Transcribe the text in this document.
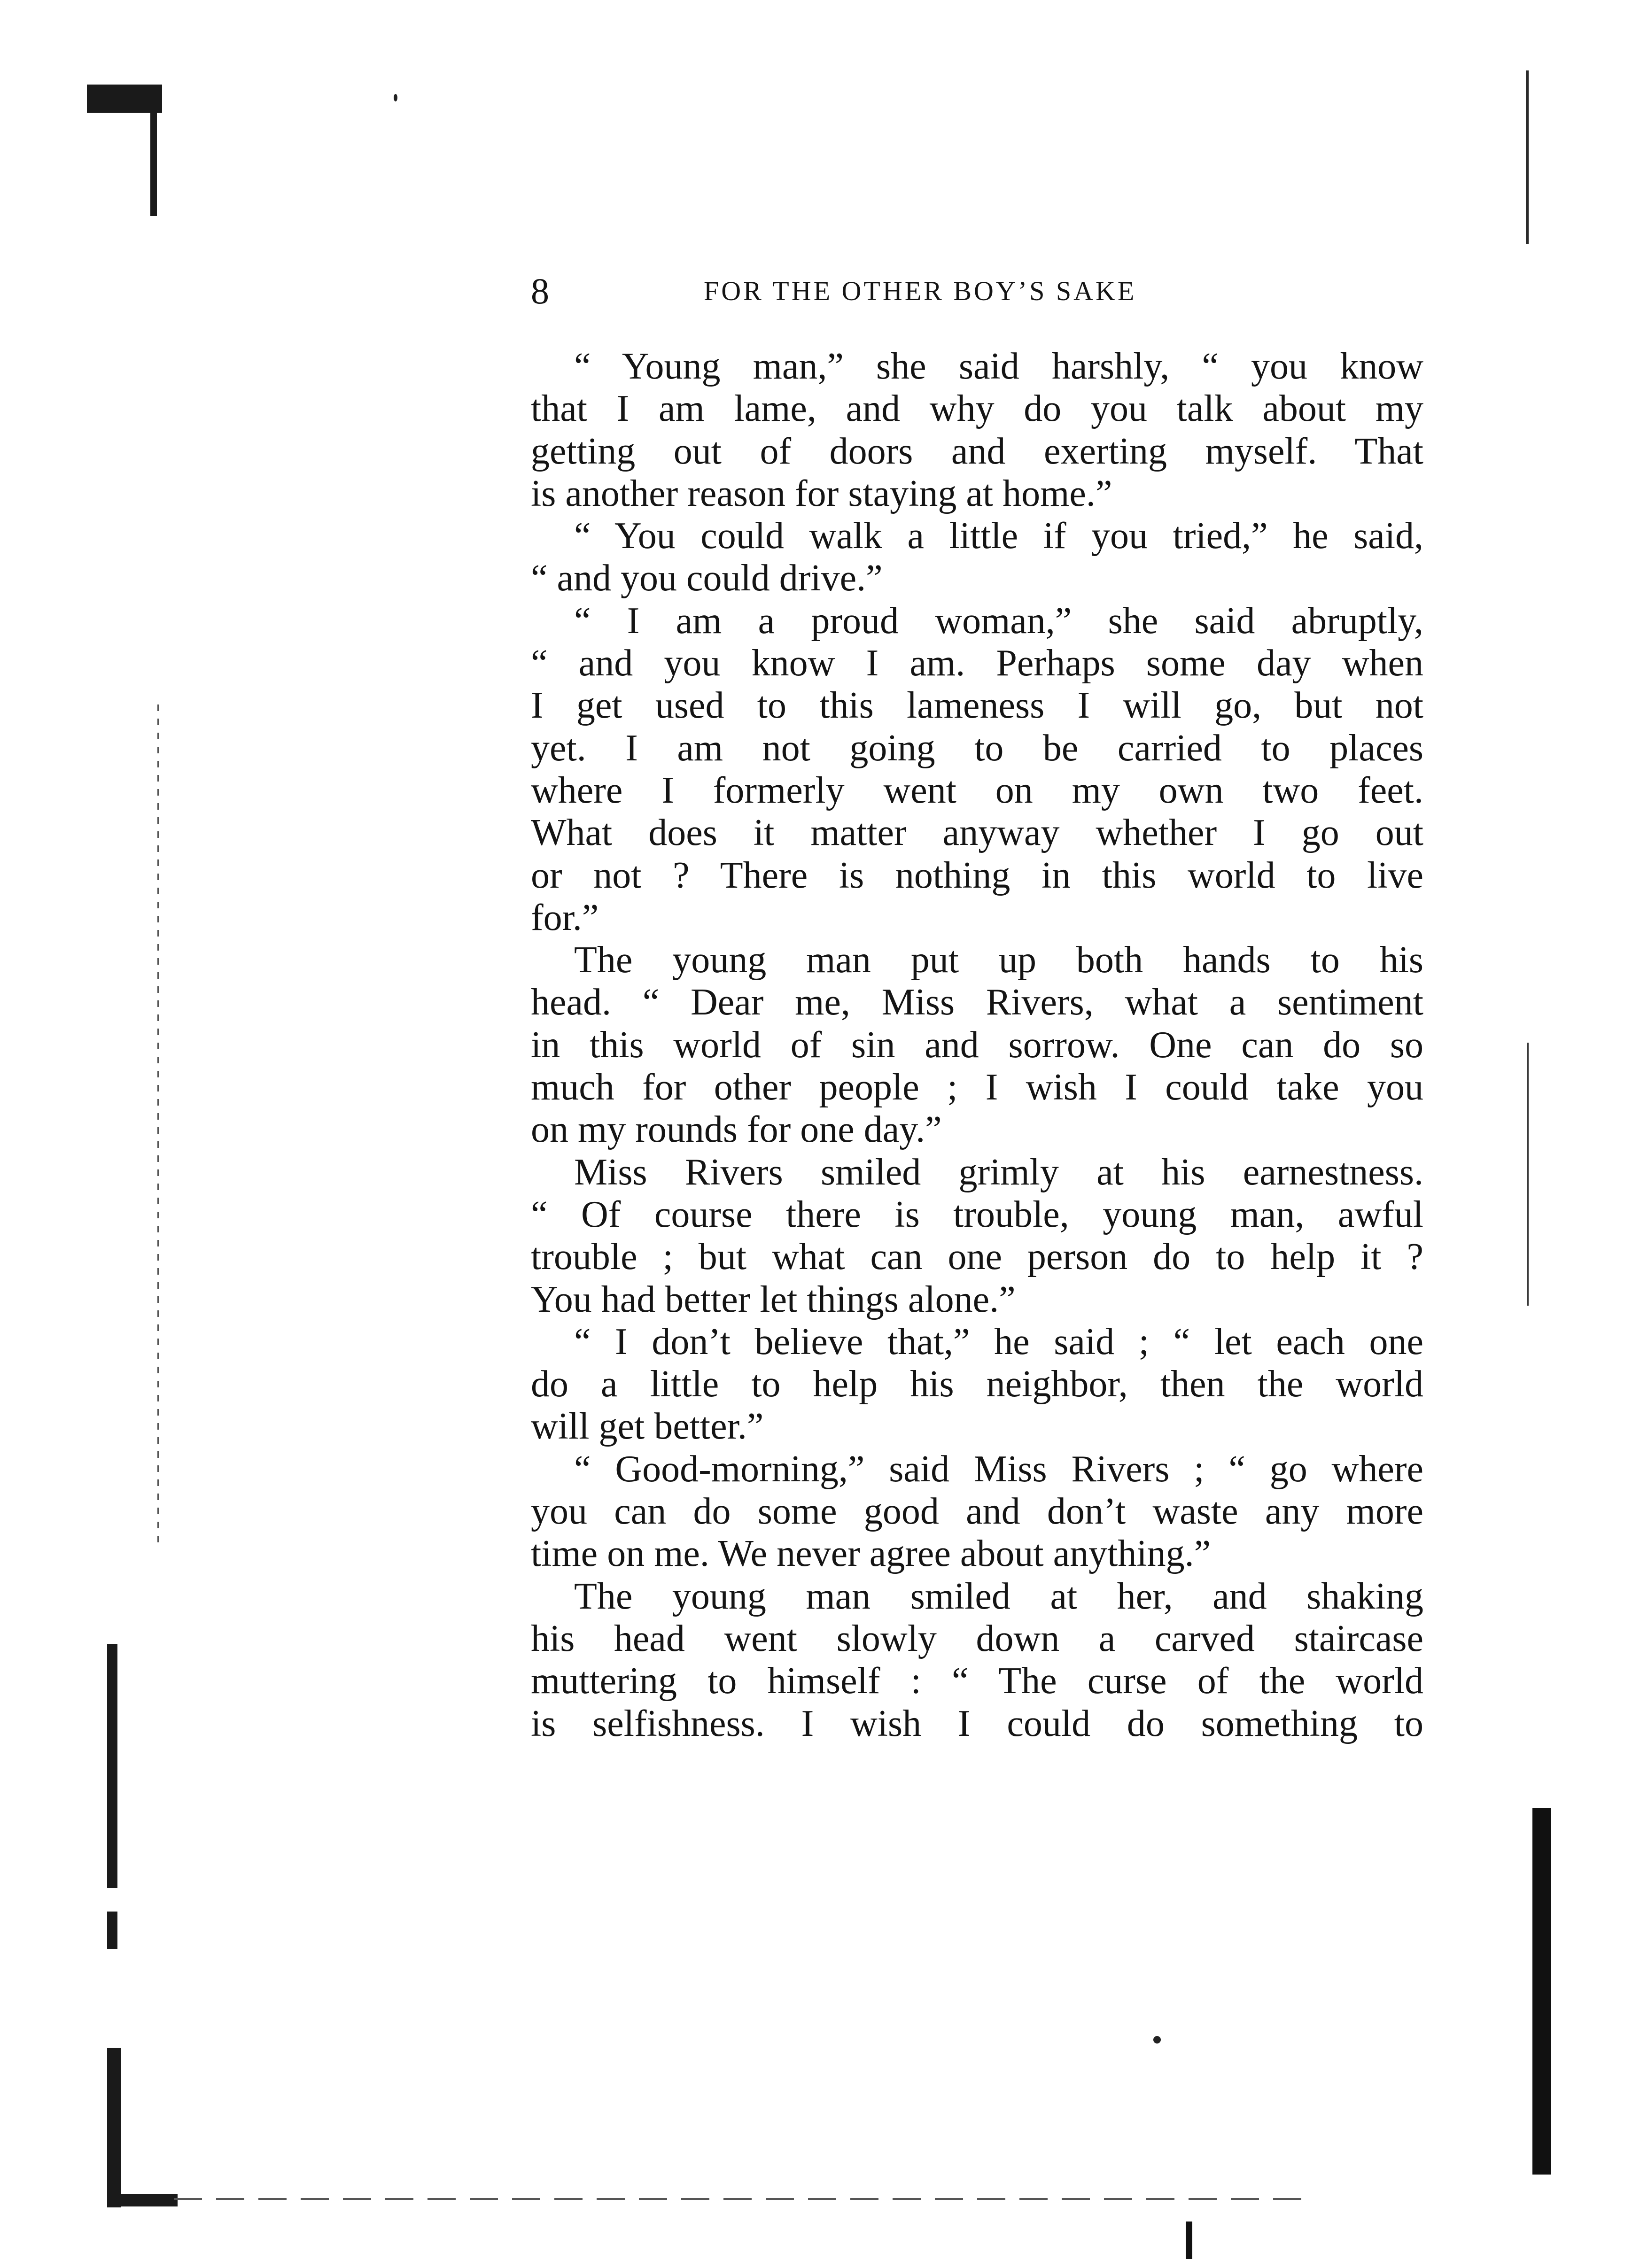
8	FOR THE OTHER BOY’S SAKE
“ Young man,” she said harshly, “ you know
that I am lame, and why do you talk about my
getting out of doors and exerting myself. That
is another reason for staying at home.”
“ You could walk a little if you tried,” he said,
“ and you could drive.”
“ I am a proud woman,” she said abruptly,
“ and you know I am. Perhaps some day when
I get used to this lameness I will go, but not
yet. I am not going to be carried to places
where I formerly went on my own two feet.
What does it matter anyway whether I go out
or not ? There is nothing in this world to live
for.”
The young man put up both hands to his
head. “ Dear me, Miss Rivers, what a sentiment
in this world of sin and sorrow. One can do so
much for other people ; I wish I could take you
on my rounds for one day.”
Miss Rivers smiled grimly at his earnestness.
“ Of course there is trouble, young man, awful
trouble ; but what can one person do to help it ?
You had better let things alone.”
“ I don’t believe that,” he said ; “ let each one
do a little to help his neighbor, then the world
will get better.”
“ Good-morning,” said Miss Rivers ; “ go where
you can do some good and don’t waste any more
time on me. We never agree about anything.”
The young man smiled at her, and shaking
his head went slowly down a carved staircase
muttering to himself : “ The curse of the world
is selfishness. I wish I could do something to
